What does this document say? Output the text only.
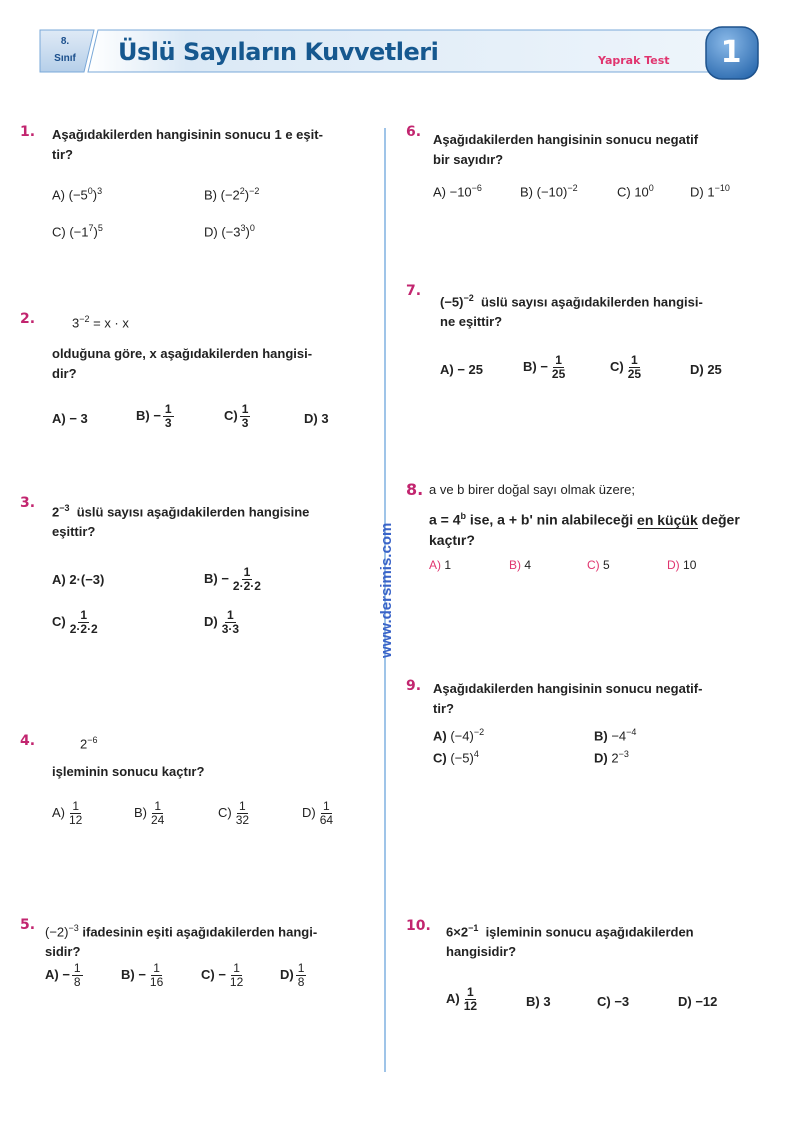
8.
Sınıf	Üslü Sayıların Kuvvetleri	Yaprak Test	1
www.dersimis.com
1. Aşağıdakilerden hangisinin sonucu 1 e eşit-
tir?
A) $(-5^0)^3$	B) $(-2^2)^{-2}$
C) $(-1^7)^5$	D) $(-3^3)^0$
2.	$3^{-2} = x \cdot x$
olduğuna göre, x aşağıdakilerden hangisi-
dir?
A) − 3	$B) - \frac{1}{3}$	$C) \frac{1}{3}$	D) 3
3.
$2^{-3}$ üslü sayısı aşağıdakilerden hangisine
eşittir?
A) 2·(−3)	$B) - \frac{1}{2\cdot 2\cdot 2}$
$C) \frac{1}{2\cdot 2\cdot 2}$	$D) \frac{1}{3\cdot 3}$
4.	$2^{-6}$
işleminin sonucu kaçtır?
$A) \frac{1}{12}$	$B) \frac{1}{24}$	$C) \frac{1}{32}$	$D) \frac{1}{64}$
5. $(-2)^{-3}$ ifadesinin eşiti aşağıdakilerden hangi-
sidir?
$A) - \frac{1}{8}$	$B) - \frac{1}{16}$	$C) - \frac{1}{12}$	$D) \frac{1}{8}$
6. Aşağıdakilerden hangisinin sonucu negatif
bir sayıdır?
$A) -10^{-6}$	B) $(-10)^{-2}$	C) $10^0$	D) $1^{-10}$
7.
$(-5)^{-2}$ üslü sayısı aşağıdakilerden hangisi-
ne eşittir?
A) − 25	$B) - \frac{1}{25}$	$C) \frac{1}{25}$	D) 25
8. a ve b birer doğal sayı olmak üzere;
$a = 4^b$ ise, a + b' nin alabileceği en küçük değer
kaçtır?
A) 1	B) 4	C) 5	D) 10
9. Aşağıdakilerden hangisinin sonucu negatif-
tir?
A) $(-4)^{-2}$	$B) -4^{-4}$
C) $(-5)^4$	D) $2^{-3}$
10. $6\times 2^{-1}$ işleminin sonucu aşağıdakilerden
hangisidir?
$A) \frac{1}{12}$	B) 3	C) −3	D) −12
